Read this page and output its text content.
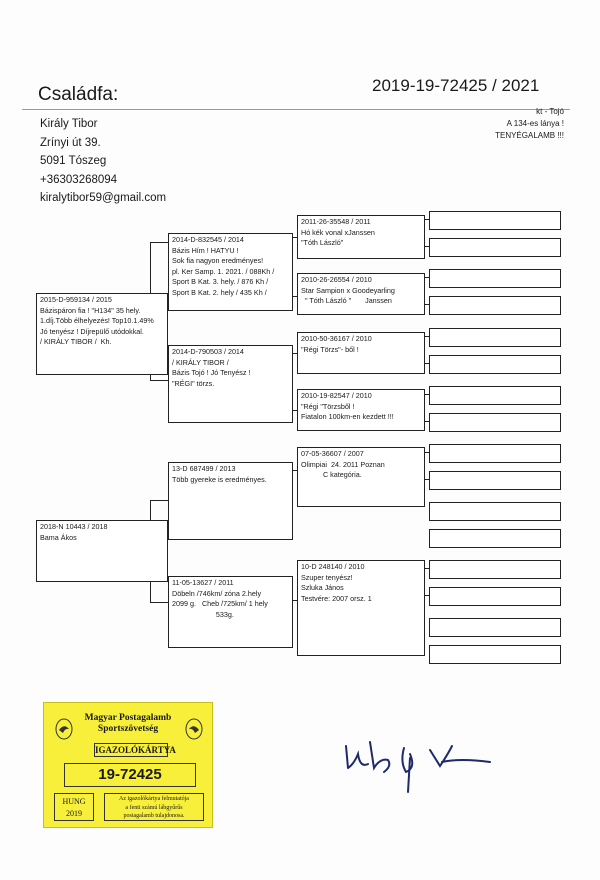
Családfa:	2019-19-72425 / 2021
Király Tibor
Zrínyi út 39.
5091 Tószeg
+36303268094
kiralytibor59@gmail.com
kt - Tojó
A 134-es lánya !
TENYÉGALAMB !!!
2015-D-959134 / 2015
Bázispáron fia ! "H134" 35 hely.
1.díj.Több élhelyezés! Top10.1.49%
Jó tenyész ! Díjrepülő utódokkal.
/ KIRÁLY TIBOR /  Kh.
2018-N 10443 / 2018
Bama Ákos
2014-D-832545 / 2014
Bázis Hím ! HATYU !
Sok fia nagyon eredményes!
pl. Ker Samp. 1. 2021. / 088Kh /
Sport B Kat. 3. hely. / 876 Kh /
Sport B Kat. 2. hely / 435 Kh /
2014-D-790503 / 2014
/ KIRÁLY TIBOR /
Bázis Tojó ! Jó Tenyész !
"RÉGI" törzs.
13-D 687499 / 2013
Több gyereke is eredményes.
11-05-13627 / 2011
Döbeln /746km/ zóna 2.hely
2099 g.   Cheb /725km/ 1 hely
533g.
2011-26-35548 / 2011
Hó kék vonal xJanssen
"Tóth László"
2010-26-26554 / 2010
Star Sampion x Goodeyarling
" Tóth László "       Janssen
2010-50-36167 / 2010
"Régi Törzs"- ből !
2010-19-82547 / 2010
"Régi "Törzsből !
Fiatalon 100km-en kezdett !!!
07-05-36607 / 2007
Olimpiai  24. 2011 Poznan
C kategória.
10-D 248140 / 2010
Szuper tenyész!
Szluka János
Testvére: 2007 orsz. 1
Magyar Postagalamb
Sportszövetség
IGAZOLÓKÁRTYA
19-72425
HUNG
2019
Az igazolókártya felmutatója
a fenti számú lábgyűrűs
postagalamb tulajdonosa.
